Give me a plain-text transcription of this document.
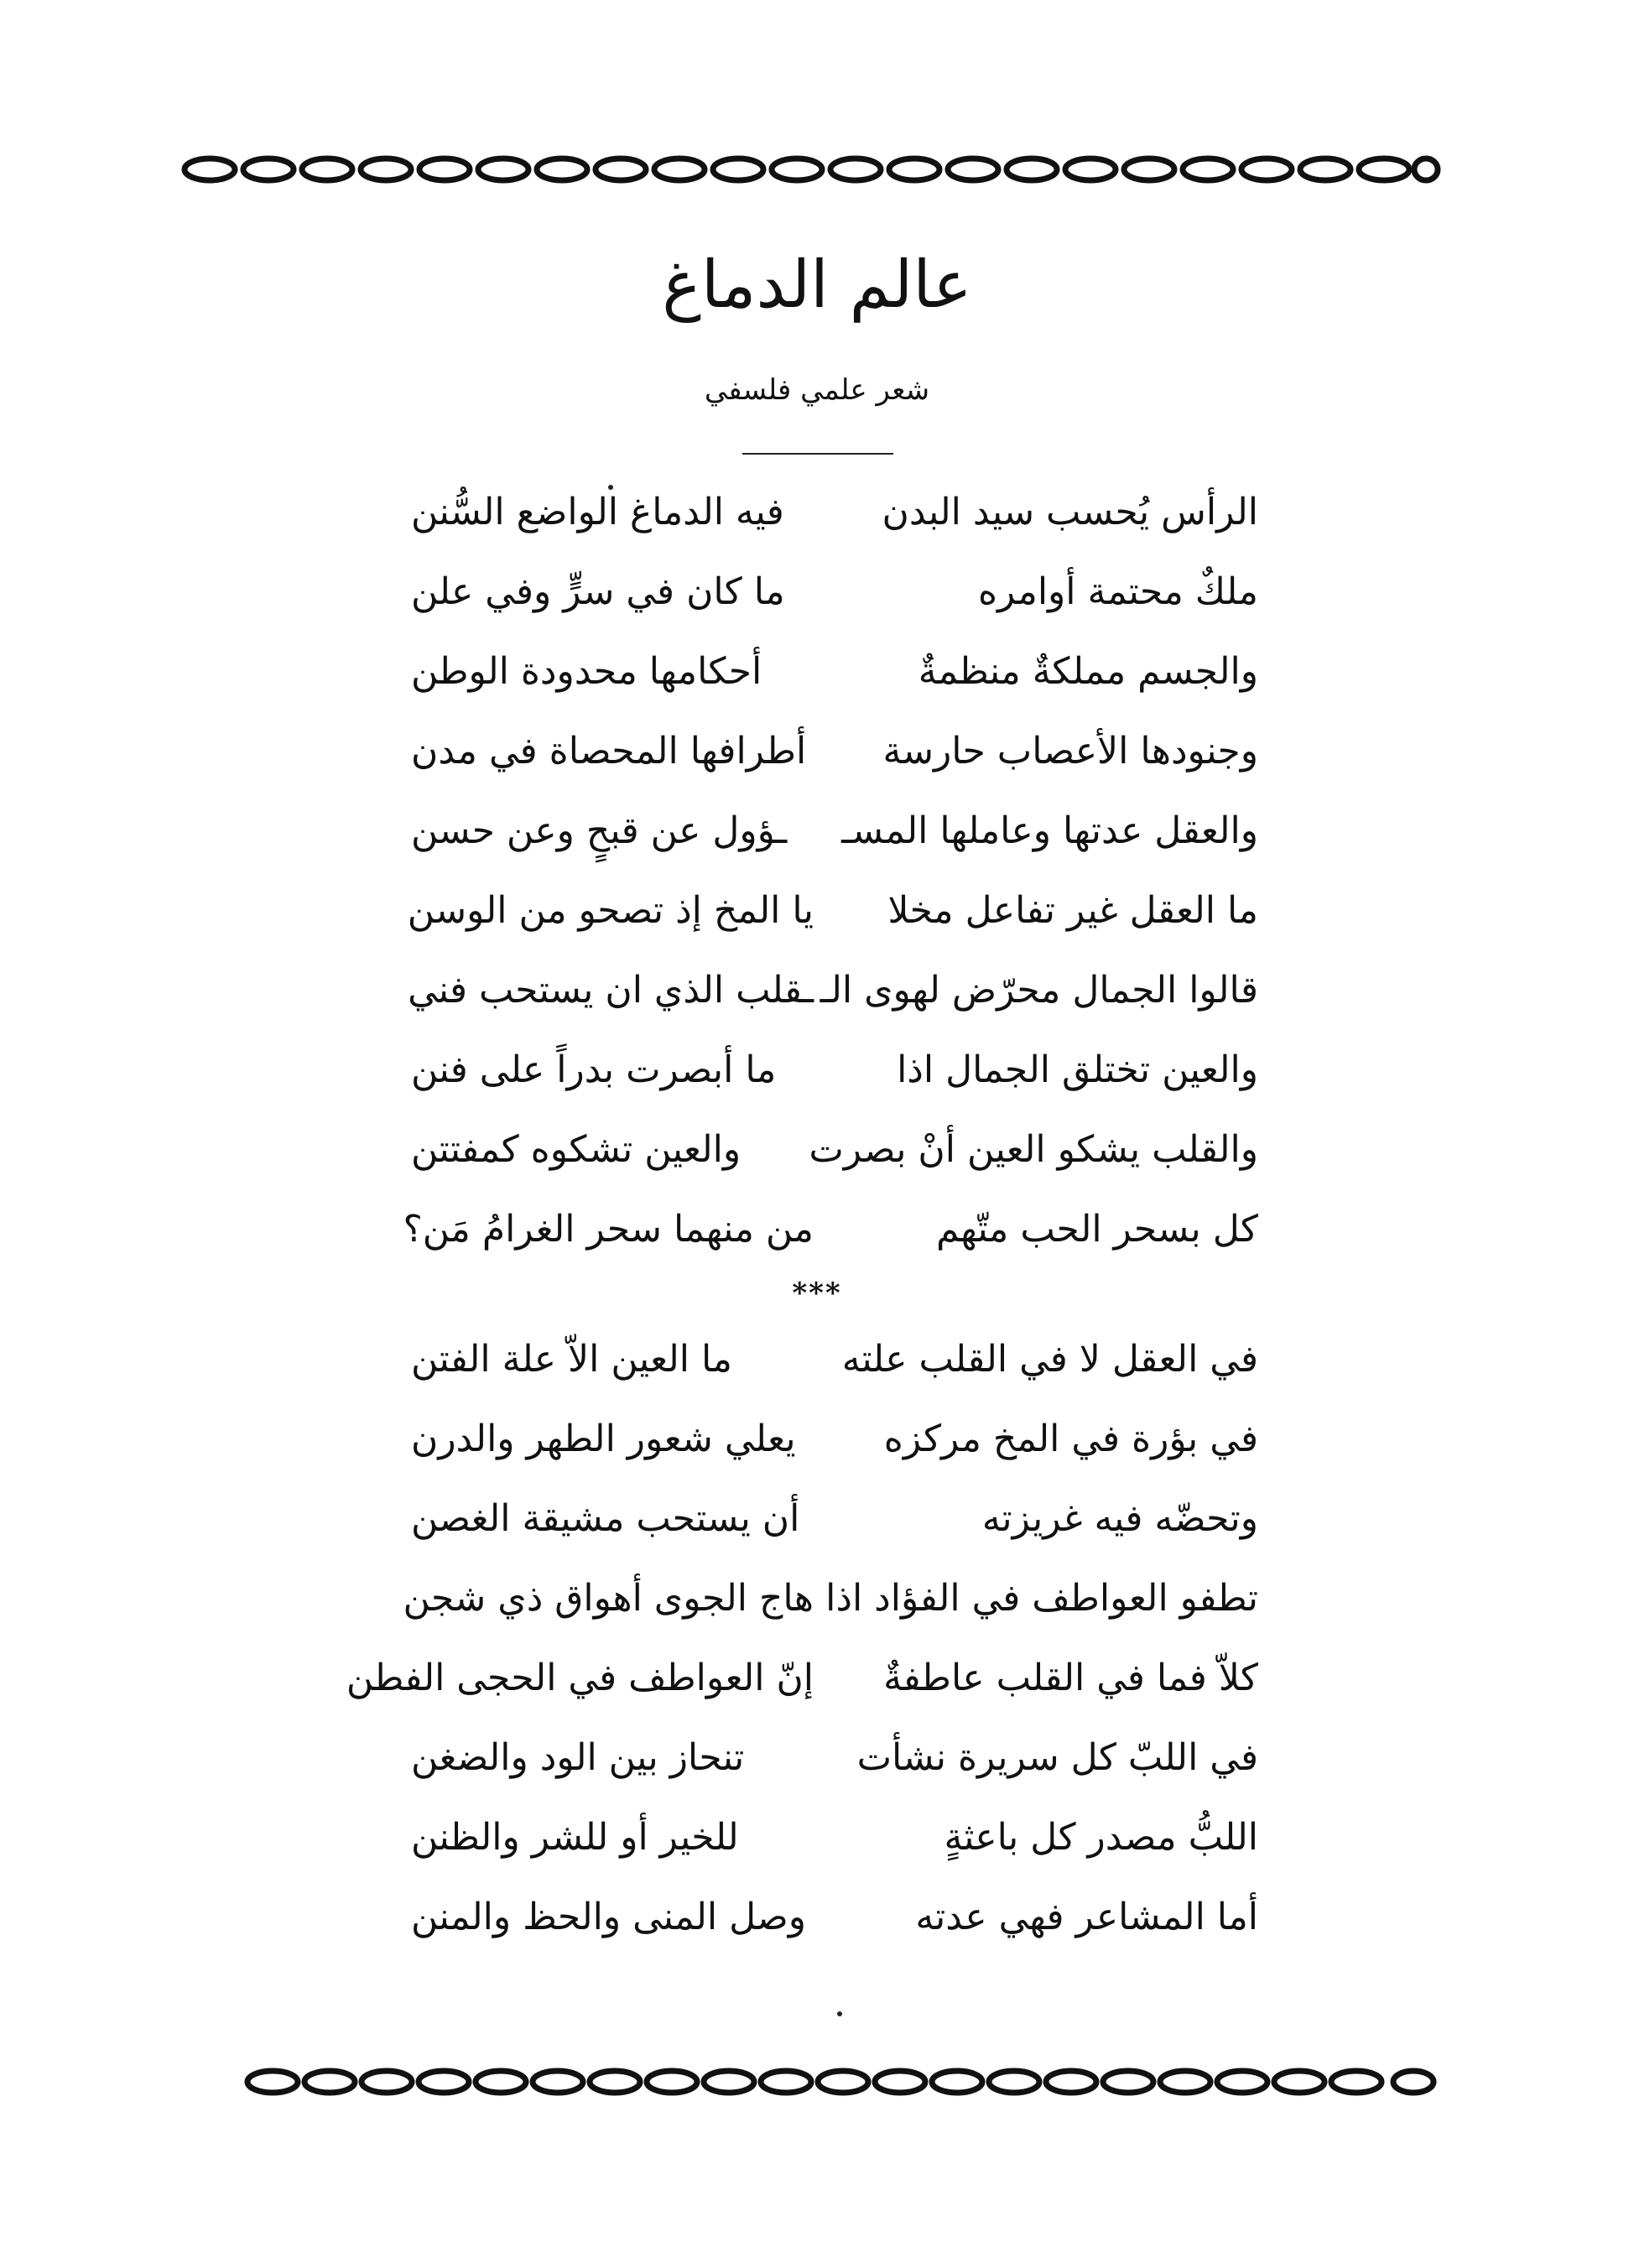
عالم الدماغ
شعر علمي فلسفي
الرأس يُحسب سيد البدن
فيه الدماغ الواضع السُّنن
ملكٌ محتمة أوامره
ما كان في سرٍّ وفي علن
والجسم مملكةٌ منظمةٌ
أحكامها محدودة الوطن
وجنودها الأعصاب حارسة
أطرافها المحصاة في مدن
والعقل عدتها وعاملها المسـ
ـؤول عن قبحٍ وعن حسن
ما العقل غير تفاعل مخلا
يا المخ إذ تصحو من الوسن
قالوا الجمال محرّض لهوى الـ
ـقلب الذي ان يستحب فني
والعين تختلق الجمال اذا
ما أبصرت بدراً على فنن
والقلب يشكو العين أنْ بصرت
والعين تشكوه كمفتتن
كل بسحر الحب متّهم
من منهما سحر الغرامُ مَن؟
***
في العقل لا في القلب علته
ما العين الاّ علة الفتن
في بؤرة في المخ مركزه
يعلي شعور الطهر والدرن
وتحضّه فيه غريزته
أن يستحب مشيقة الغصن
تطفو العواطف في الفؤاد اذا
هاج الجوى أهواق ذي شجن
كلاّ فما في القلب عاطفةٌ
إنّ العواطف في الحجى الفطن
في اللبّ كل سريرة نشأت
تنحاز بين الود والضغن
اللبُّ مصدر كل باعثةٍ
للخير أو للشر والظنن
أما المشاعر فهي عدته
وصل المنى والحظ والمنن
